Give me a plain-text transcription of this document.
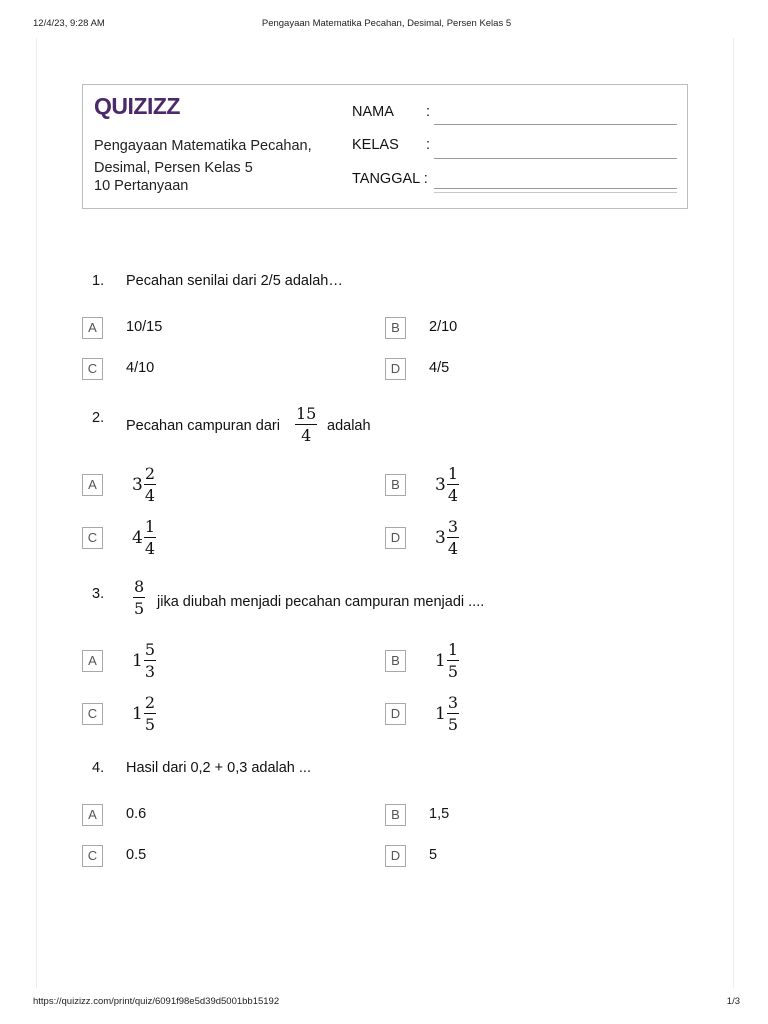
12/4/23, 9:28 AM	Pengayaan Matematika Pecahan, Desimal, Persen Kelas 5
QUIZIZZ
Pengayaan Matematika Pecahan,
Desimal, Persen Kelas 5
10 Pertanyaan
NAMA :
KELAS :
TANGGAL :
1. Pecahan senilai dari 2/5 adalah…
A	10/15	B	2/10
C	4/10	D	4/5
2. Pecahan campuran dari $\frac{15}{4}$ adalah
A	$3 \frac{2}{4}$	B	$3 \frac{1}{4}$
C	$4 \frac{1}{4}$	D	$3 \frac{3}{4}$
3. $\frac{8}{5}$ jika diubah menjadi pecahan campuran menjadi ....
A	$1 \frac{5}{3}$	B	$1 \frac{1}{5}$
C	$1 \frac{2}{5}$	D	$1 \frac{3}{5}$
4. Hasil dari 0,2 + 0,3 adalah ...
A	0.6	B	1,5
C	0.5	D	5
https://quizizz.com/print/quiz/6091f98e5d39d5001bb15192	1/3
